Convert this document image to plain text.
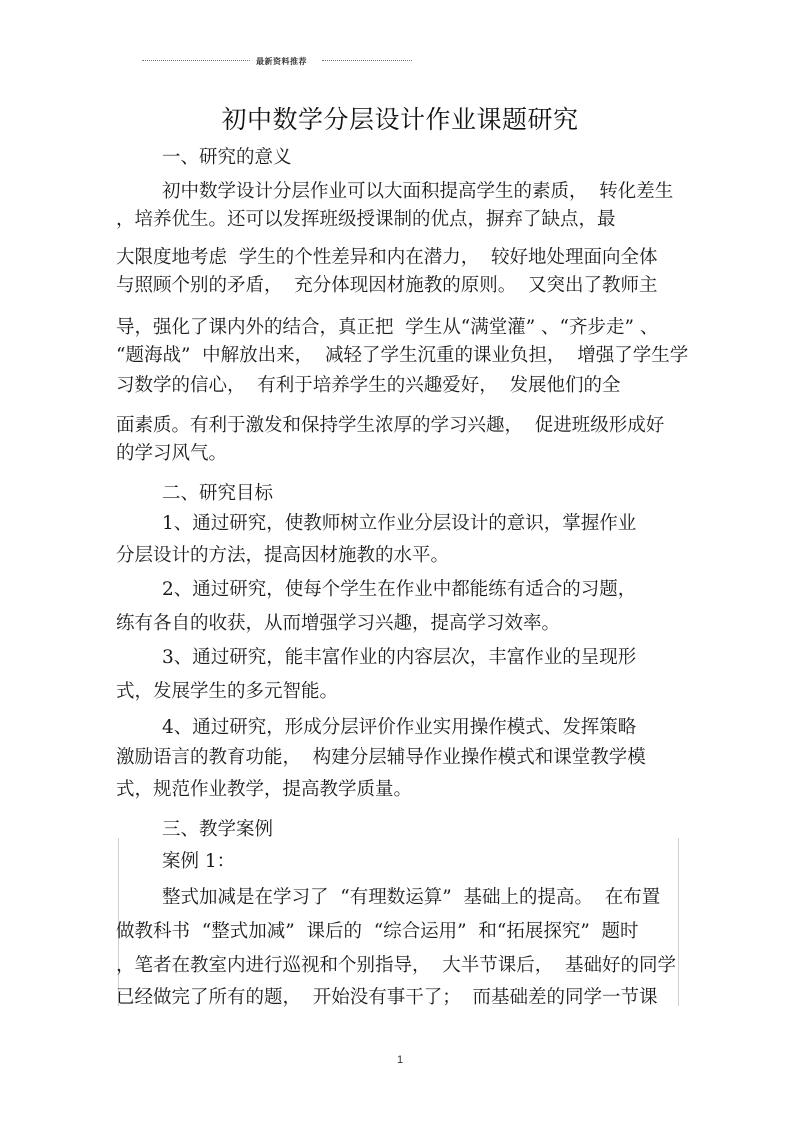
最新资料推荐
初中数学分层设计作业课题研究
一、研究的意义
初中数学设计分层作业可以大面积提高学生的素质，  转化差生
，培养优生。还可以发挥班级授课制的优点，摒弃了缺点，最
大限度地考虑  学生的个性差异和内在潜力，  较好地处理面向全体
与照顾个别的矛盾，  充分体现因材施教的原则。  又突出了教师主
导，强化了课内外的结合，真正把  学生从“满堂灌” 、“齐步走” 、
“题海战”  中解放出来，  减轻了学生沉重的课业负担，  增强了学生学
习数学的信心，  有利于培养学生的兴趣爱好，  发展他们的全
面素质。有利于激发和保持学生浓厚的学习兴趣，  促进班级形成好
的学习风气。
二、研究目标
1、通过研究，使教师树立作业分层设计的意识，掌握作业
分层设计的方法，提高因材施教的水平。
2、通过研究，使每个学生在作业中都能练有适合的习题，
练有各自的收获，从而增强学习兴趣，提高学习效率。
3、通过研究，能丰富作业的内容层次，丰富作业的呈现形
式，发展学生的多元智能。
4、通过研究，形成分层评价作业实用操作模式、发挥策略
激励语言的教育功能，  构建分层辅导作业操作模式和课堂教学模
式，规范作业教学，提高教学质量。
三、教学案例
案例 1：
整式加减是在学习了  “有理数运算”  基础上的提高。  在布置
做教科书  “整式加减”  课后的  “综合运用”  和“拓展探究”  题时
，笔者在教室内进行巡视和个别指导，  大半节课后，  基础好的同学
已经做完了所有的题，  开始没有事干了；  而基础差的同学一节课
1
